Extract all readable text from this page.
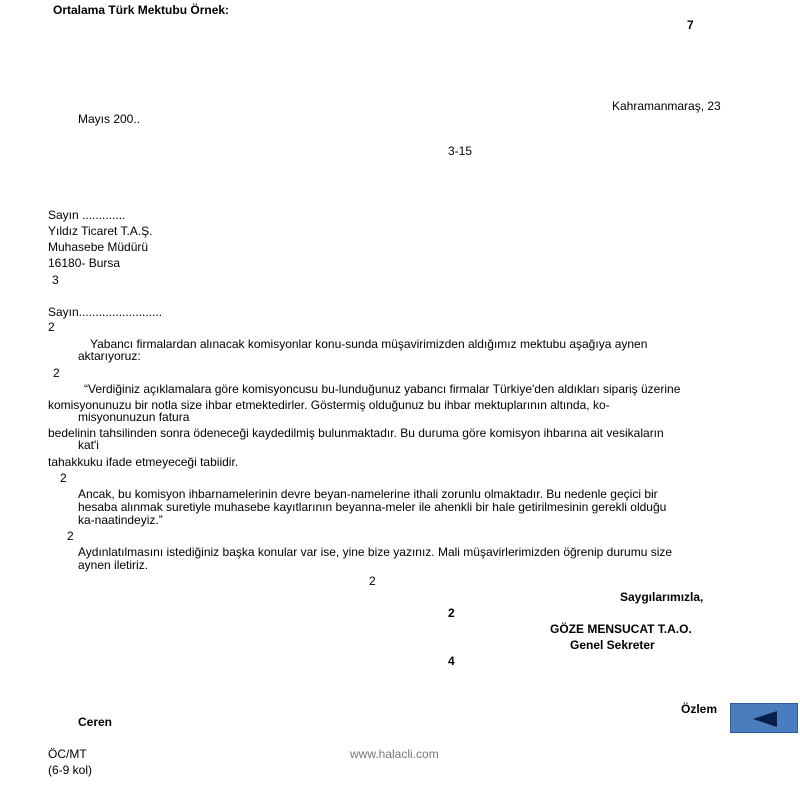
Ortalama Türk Mektubu Örnek:
7
Kahramanmaraş, 23
Mayıs 200..
3-15
Sayın .............
Yıldız Ticaret T.A.Ş.
Muhasebe Müdürü
16180- Bursa
3
Sayın.........................
2
Yabancı firmalardan alınacak komisyonlar konu-sunda müşavirimizden aldığımız mektubu aşağıya aynen
aktarıyoruz:
2
“Verdiğiniz açıklamalara göre komisyoncusu bu-lunduğunuz yabancı firmalar Türkiye'den aldıkları sipariş üzerine
komisyonunuzu bir notla size ihbar etmektedirler. Göstermiş olduğunuz bu ihbar mektuplarının altında, ko-
misyonunuzun fatura
bedelinin tahsilinden sonra ödeneceği kaydedilmiş bulunmaktadır. Bu duruma göre komisyon ihbarına ait vesikaların
kat'i
tahakkuku ifade etmeyeceği tabiidir.
2
Ancak, bu komisyon ihbarnamelerinin devre beyan-namelerine ithali zorunlu olmaktadır. Bu nedenle geçici bir
hesaba alınmak suretiyle muhasebe kayıtlarının beyanna-meler ile ahenkli bir hale getirilmesinin gerekli olduğu
ka-naatindeyiz.”
2
Aydınlatılmasını istediğiniz başka konular var ise, yine bize yazınız. Mali müşavirlerimizden öğrenip durumu size
aynen iletiriz.
2
Saygılarımızla,
2
GÖZE MENSUCAT T.A.O.
Genel Sekreter
4
Özlem
Ceren
ÖC/MT	www.halacli.com
(6-9 kol)
